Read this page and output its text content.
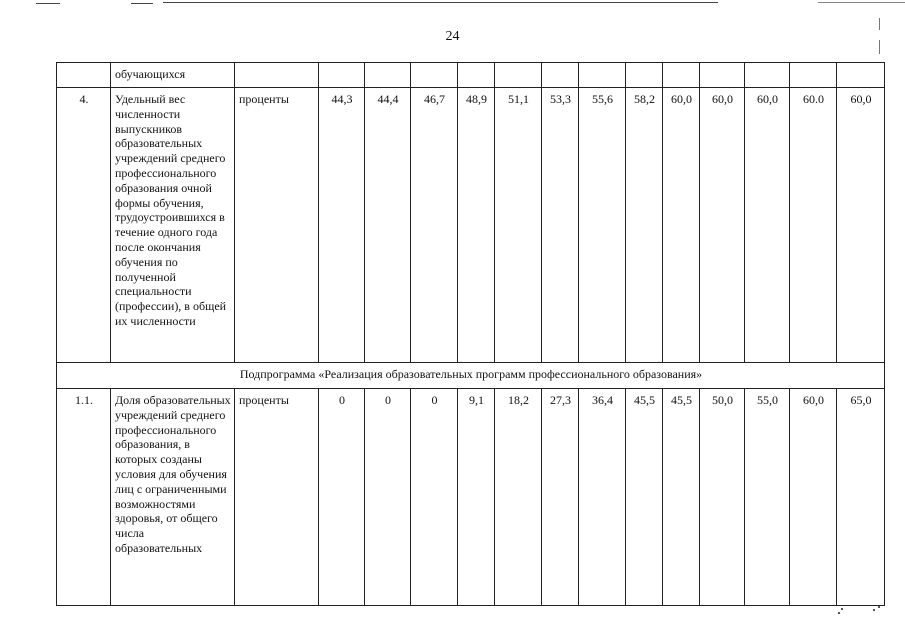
24
	обучающихся														
4.	Удельный вес численности выпускников образовательных учреждений среднего профессионального образования очной формы обучения, трудоустроившихся в течение одного года после окончания обучения по полученной специальности (профессии), в общей их численности	проценты	44,3	44,4	46,7	48,9	51,1	53,3	55,6	58,2	60,0	60,0	60,0	60.0	60,0
Подпрограмма «Реализация образовательных программ профессионального образования»															
1.1.	Доля образовательных учреждений среднего профессионального образования, в которых созданы условия для обучения лиц с ограниченными возможностями здоровья, от общего числа образовательных	проценты	0	0	0	9,1	18,2	27,3	36,4	45,5	45,5	50,0	55,0	60,0	65,0
